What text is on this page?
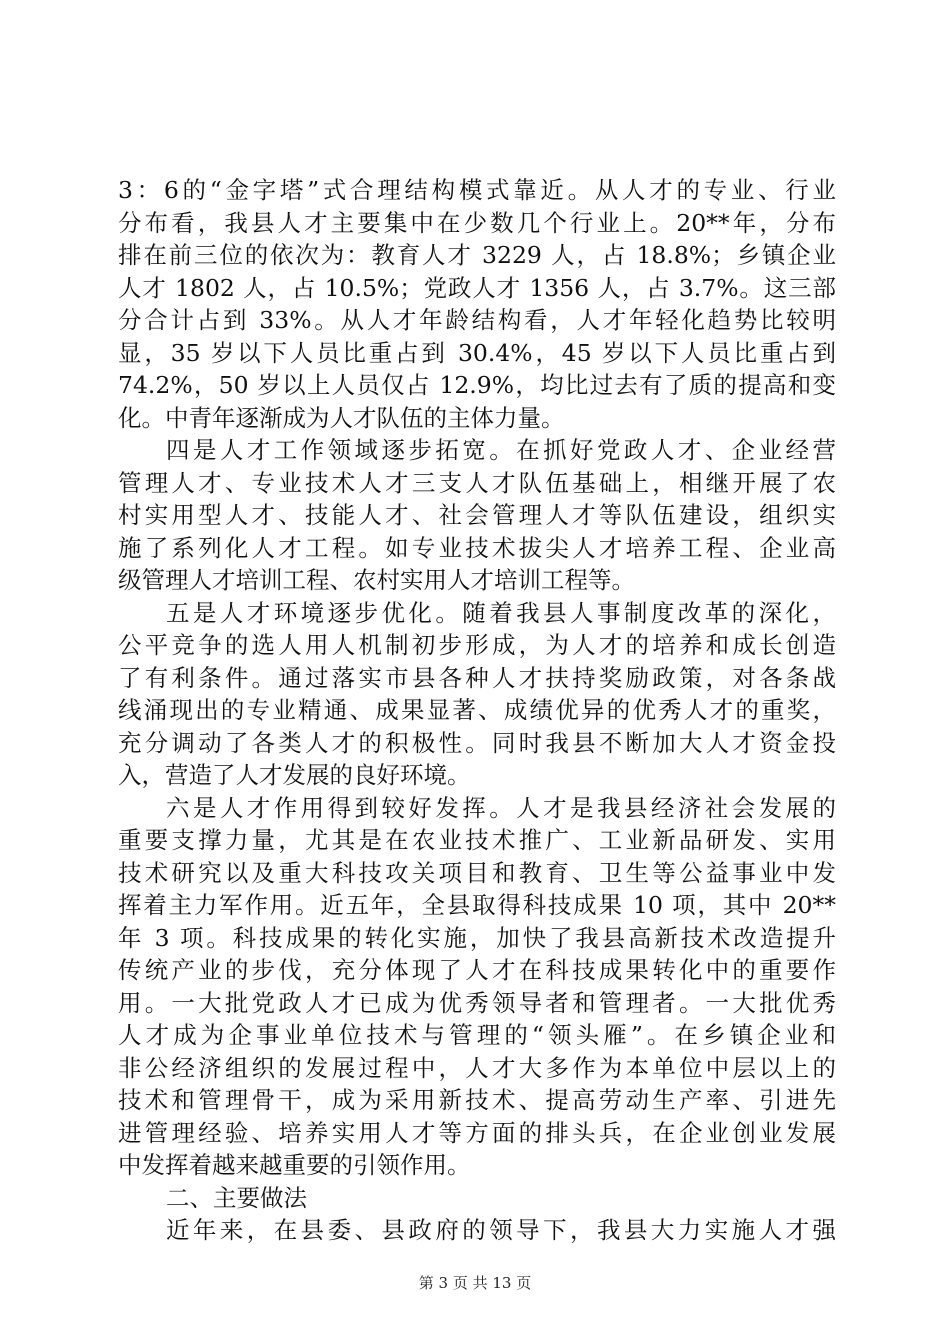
3：6的“金字塔”式合理结构模式靠近。从人才的专业、行业
分布看，我县人才主要集中在少数几个行业上。20**年，分布
排在前三位的依次为：教育人才 3229 人，占 18.8%；乡镇企业
人才 1802 人，占 10.5%；党政人才 1356 人，占 3.7%。这三部
分合计占到 33%。从人才年龄结构看，人才年轻化趋势比较明
显，35 岁以下人员比重占到 30.4%，45 岁以下人员比重占到
74.2%，50 岁以上人员仅占 12.9%，均比过去有了质的提高和变
化。中青年逐渐成为人才队伍的主体力量。
四是人才工作领域逐步拓宽。在抓好党政人才、企业经营
管理人才、专业技术人才三支人才队伍基础上，相继开展了农
村实用型人才、技能人才、社会管理人才等队伍建设，组织实
施了系列化人才工程。如专业技术拔尖人才培养工程、企业高
级管理人才培训工程、农村实用人才培训工程等。
五是人才环境逐步优化。随着我县人事制度改革的深化，
公平竞争的选人用人机制初步形成，为人才的培养和成长创造
了有利条件。通过落实市县各种人才扶持奖励政策，对各条战
线涌现出的专业精通、成果显著、成绩优异的优秀人才的重奖，
充分调动了各类人才的积极性。同时我县不断加大人才资金投
入，营造了人才发展的良好环境。
六是人才作用得到较好发挥。人才是我县经济社会发展的
重要支撑力量，尤其是在农业技术推广、工业新品研发、实用
技术研究以及重大科技攻关项目和教育、卫生等公益事业中发
挥着主力军作用。近五年，全县取得科技成果 10 项，其中 20**
年 3 项。科技成果的转化实施，加快了我县高新技术改造提升
传统产业的步伐，充分体现了人才在科技成果转化中的重要作
用。一大批党政人才已成为优秀领导者和管理者。一大批优秀
人才成为企事业单位技术与管理的“领头雁”。在乡镇企业和
非公经济组织的发展过程中，人才大多作为本单位中层以上的
技术和管理骨干，成为采用新技术、提高劳动生产率、引进先
进管理经验、培养实用人才等方面的排头兵，在企业创业发展
中发挥着越来越重要的引领作用。
二、主要做法
近年来，在县委、县政府的领导下，我县大力实施人才强
第 3 页 共 13 页
